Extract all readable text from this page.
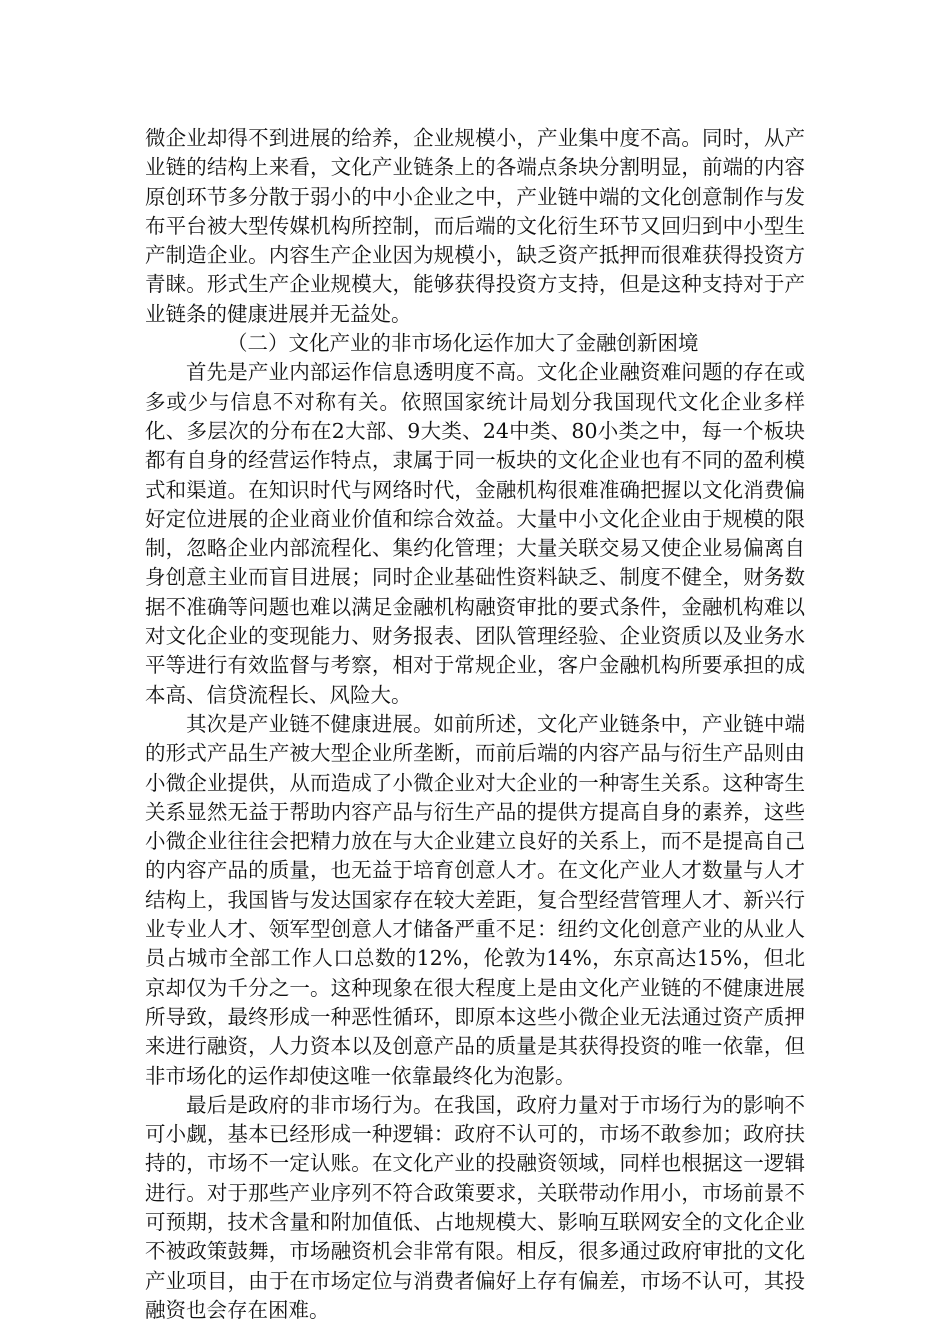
微企业却得不到进展的给养，企业规模小，产业集中度不高。同时，从产业链的结构上来看，文化产业链条上的各端点条块分割明显，前端的内容原创环节多分散于弱小的中小企业之中，产业链中端的文化创意制作与发布平台被大型传媒机构所控制，而后端的文化衍生环节又回归到中小型生产制造企业。内容生产企业因为规模小，缺乏资产抵押而很难获得投资方青睐。形式生产企业规模大，能够获得投资方支持，但是这种支持对于产业链条的健康进展并无益处。

（二）文化产业的非市场化运作加大了金融创新困境

首先是产业内部运作信息透明度不高。文化企业融资难问题的存在或多或少与信息不对称有关。依照国家统计局划分我国现代文化企业多样化、多层次的分布在2大部、9大类、24中类、80小类之中，每一个板块都有自身的经营运作特点，隶属于同一板块的文化企业也有不同的盈利模式和渠道。在知识时代与网络时代，金融机构很难准确把握以文化消费偏好定位进展的企业商业价值和综合效益。大量中小文化企业由于规模的限制，忽略企业内部流程化、集约化管理；大量关联交易又使企业易偏离自身创意主业而盲目进展；同时企业基础性资料缺乏、制度不健全，财务数据不准确等问题也难以满足金融机构融资审批的要式条件，金融机构难以对文化企业的变现能力、财务报表、团队管理经验、企业资质以及业务水平等进行有效监督与考察，相对于常规企业，客户金融机构所要承担的成本高、信贷流程长、风险大。

其次是产业链不健康进展。如前所述，文化产业链条中，产业链中端的形式产品生产被大型企业所垄断，而前后端的内容产品与衍生产品则由小微企业提供，从而造成了小微企业对大企业的一种寄生关系。这种寄生关系显然无益于帮助内容产品与衍生产品的提供方提高自身的素养，这些小微企业往往会把精力放在与大企业建立良好的关系上，而不是提高自己的内容产品的质量，也无益于培育创意人才。在文化产业人才数量与人才结构上，我国皆与发达国家存在较大差距，复合型经营管理人才、新兴行业专业人才、领军型创意人才储备严重不足：纽约文化创意产业的从业人员占城市全部工作人口总数的12%，伦敦为14%，东京高达15%，但北京却仅为千分之一。这种现象在很大程度上是由文化产业链的不健康进展所导致，最终形成一种恶性循环，即原本这些小微企业无法通过资产质押来进行融资，人力资本以及创意产品的质量是其获得投资的唯一依靠，但非市场化的运作却使这唯一依靠最终化为泡影。

最后是政府的非市场行为。在我国，政府力量对于市场行为的影响不可小觑，基本已经形成一种逻辑：政府不认可的，市场不敢参加；政府扶持的，市场不一定认账。在文化产业的投融资领域，同样也根据这一逻辑进行。对于那些产业序列不符合政策要求，关联带动作用小，市场前景不可预期，技术含量和附加值低、占地规模大、影响互联网安全的文化企业不被政策鼓舞，市场融资机会非常有限。相反，很多通过政府审批的文化产业项目，由于在市场定位与消费者偏好上存有偏差，市场不认可，其投融资也会存在困难。
